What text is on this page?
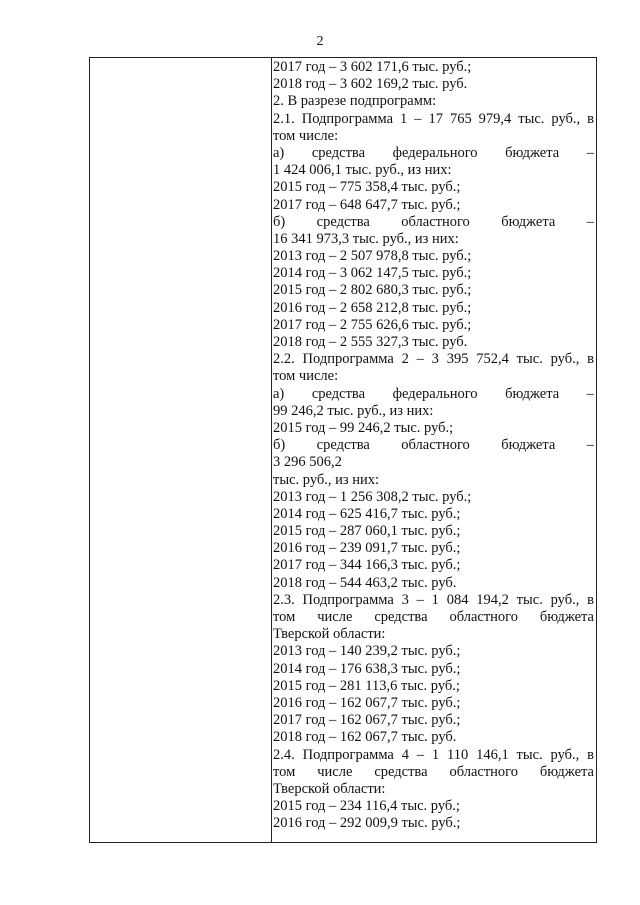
2
2017 год – 3 602 171,6 тыс. руб.;
2018 год – 3 602 169,2 тыс. руб.
2. В разрезе подпрограмм:
2.1. Подпрограмма 1 – 17 765 979,4 тыс. руб., в
том числе:
а) средства федерального бюджета –
1 424 006,1 тыс. руб., из них:
2015 год – 775 358,4 тыс. руб.;
2017 год – 648 647,7 тыс. руб.;
б) средства областного бюджета –
16 341 973,3 тыс. руб., из них:
2013 год – 2 507 978,8 тыс. руб.;
2014 год – 3 062 147,5 тыс. руб.;
2015 год – 2 802 680,3 тыс. руб.;
2016 год – 2 658 212,8 тыс. руб.;
2017 год – 2 755 626,6 тыс. руб.;
2018 год – 2 555 327,3 тыс. руб.
2.2. Подпрограмма 2 – 3 395 752,4 тыс. руб., в
том числе:
а) средства федерального бюджета –
99 246,2 тыс. руб., из них:
2015 год – 99 246,2 тыс. руб.;
б) средства областного бюджета –
3 296 506,2
тыс. руб., из них:
2013 год – 1 256 308,2 тыс. руб.;
2014 год – 625 416,7 тыс. руб.;
2015 год – 287 060,1 тыс. руб.;
2016 год – 239 091,7 тыс. руб.;
2017 год – 344 166,3 тыс. руб.;
2018 год – 544 463,2 тыс. руб.
2.3. Подпрограмма 3 – 1 084 194,2 тыс. руб., в
том числе средства областного бюджета
Тверской области:
2013 год – 140 239,2 тыс. руб.;
2014 год – 176 638,3 тыс. руб.;
2015 год – 281 113,6 тыс. руб.;
2016 год – 162 067,7 тыс. руб.;
2017 год – 162 067,7 тыс. руб.;
2018 год – 162 067,7 тыс. руб.
2.4. Подпрограмма 4 – 1 110 146,1 тыс. руб., в
том числе средства областного бюджета
Тверской области:
2015 год – 234 116,4 тыс. руб.;
2016 год – 292 009,9 тыс. руб.;
